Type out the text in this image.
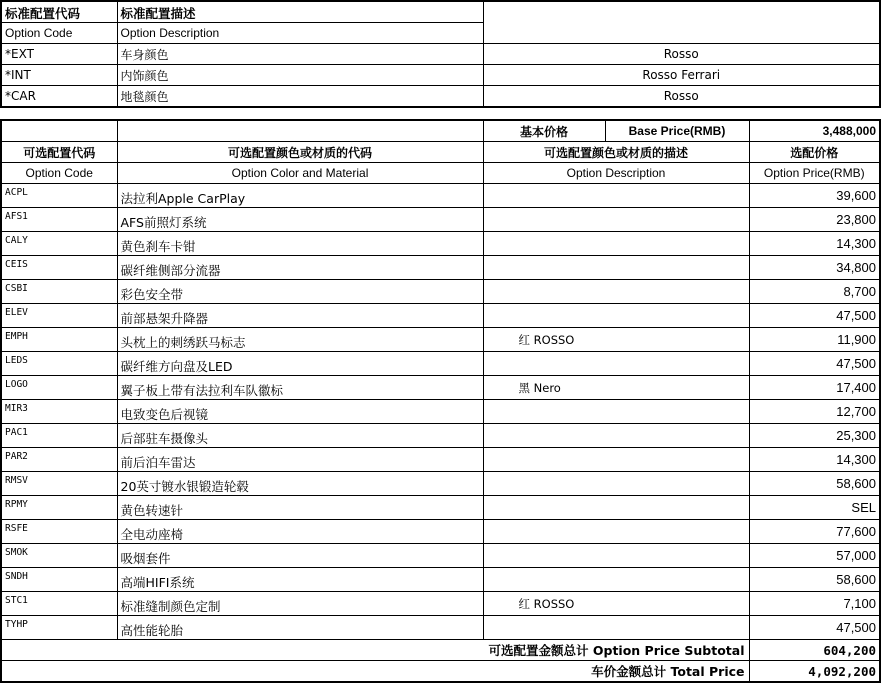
标准配置代码	标准配置描述	
Option Code	Option Description	
*EXT	车身颜色	Rosso
*INT	内饰颜色	Rosso Ferrari
*CAR	地毯颜色	Rosso
		基本价格	Base Price(RMB)	3,488,000
可选配置代码	可选配置颜色或材质的代码	可选配置颜色或材质的描述		选配价格
Option Code	Option Color and Material	Option Description		Option Price(RMB)
ACPL	法拉利Apple CarPlay			39,600
AFS1	AFS前照灯系统			23,800
CALY	黄色刹车卡钳			14,300
CEIS	碳纤维侧部分流器			34,800
CSBI	彩色安全带			8,700
ELEV	前部悬架升降器			47,500
EMPH	头枕上的刺绣跃马标志	红 ROSSO		11,900
LEDS	碳纤维方向盘及LED			47,500
LOGO	翼子板上带有法拉利车队徽标	黑 Nero		17,400
MIR3	电致变色后视镜			12,700
PAC1	后部驻车摄像头			25,300
PAR2	前后泊车雷达			14,300
RMSV	20英寸镀水银锻造轮毂			58,600
RPMY	黄色转速针			SEL
RSFE	全电动座椅			77,600
SMOK	吸烟套件			57,000
SNDH	高端HIFI系统			58,600
STC1	标准缝制颜色定制	红 ROSSO		7,100
TYHP	高性能轮胎			47,500
可选配置金额总计 Option Price Subtotal				604,200
车价金额总计 Total Price				4,092,200
